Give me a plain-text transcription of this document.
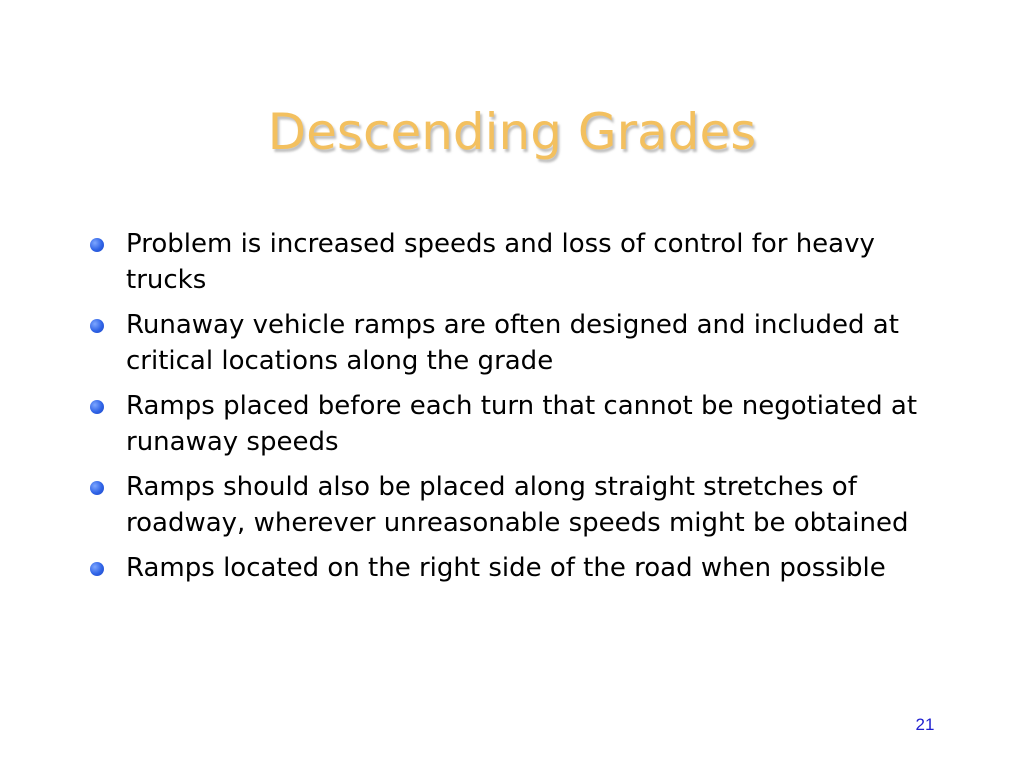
Descending Grades
Problem is increased speeds and loss of control for heavy trucks
Runaway vehicle ramps are often designed and included at critical locations along the grade
Ramps placed before each turn that cannot be negotiated at runaway speeds
Ramps should also be placed along straight stretches of roadway, wherever unreasonable speeds might be obtained
Ramps located on the right side of the road when possible
21
